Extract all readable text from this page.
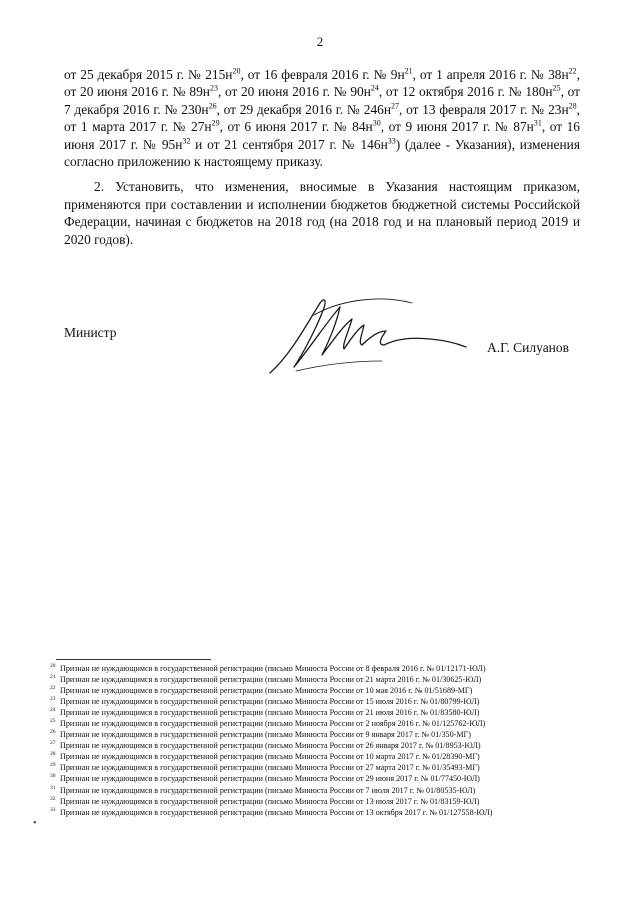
2

от 25 декабря 2015 г. № $215н^{20}$, от 16 февраля 2016 г. № $9н^{21}$, от 1 апреля 2016 г. № $38н^{22}$, от 20 июня 2016 г. № $89н^{23}$, от 20 июня 2016 г. № $90н^{24}$, от 12 октября 2016 г. № $180н^{25}$, от 7 декабря 2016 г. № $230н^{26}$, от 29 декабря 2016 г. № $246н^{27}$, от 13 февраля 2017 г. № $23н^{28}$, от 1 марта 2017 г. № $27н^{29}$, от 6 июня 2017 г. № $84н^{30}$, от 9 июня 2017 г. № $87н^{31}$, от 16 июня 2017 г. № $95н^{32}$ и от 21 сентября 2017 г. № $146н^{33}$) (далее - Указания), изменения согласно приложению к настоящему приказу.

2. Установить, что изменения, вносимые в Указания настоящим приказом, применяются при составлении и исполнении бюджетов бюджетной системы Российской Федерации, начиная с бюджетов на 2018 год (на 2018 год и на плановый период 2019 и 2020 годов).

Министр
А.Г. Силуанов
20 Признан не нуждающимся в государственной регистрации (письмо Минюста России от 8 февраля 2016 г. № 01/12171-ЮЛ)
21 Признан не нуждающимся в государственной регистрации (письмо Минюста России от 21 марта 2016 г. № 01/30625-ЮЛ)
22 Признан не нуждающимся в государственной регистрации (письмо Минюста России от 10 мая 2016 г. № 01/51689-МГ)
23 Признан не нуждающимся в государственной регистрации (письмо Минюста России от 15 июля 2016 г. № 01/80799-ЮЛ)
24 Признан не нуждающимся в государственной регистрации (письмо Минюста России от 21 июля 2016 г. № 01/83580-ЮЛ)
25 Признан не нуждающимся в государственной регистрации (письмо Минюста России от 2 ноября 2016 г. № 01/125762-ЮЛ)
26 Признан не нуждающимся в государственной регистрации (письмо Минюста России от 9 января 2017 г. № 01/350-МГ)
27 Признан не нуждающимся в государственной регистрации (письмо Минюста России от 26 января 2017 г. № 01/8953-ЮЛ)
28 Признан не нуждающимся в государственной регистрации (письмо Минюста России от 10 марта 2017 г. № 01/28390-МГ)
29 Признан не нуждающимся в государственной регистрации (письмо Минюста России от 27 марта 2017 г. № 01/35493-МГ)
30 Признан не нуждающимся в государственной регистрации (письмо Минюста России от 29 июня 2017 г. № 01/77450-ЮЛ)
31 Признан не нуждающимся в государственной регистрации (письмо Минюста России от 7 июля 2017 г. № 01/80535-ЮЛ)
32 Признан не нуждающимся в государственной регистрации (письмо Минюста России от 13 июля 2017 г. № 01/83159-ЮЛ)
33 Признан не нуждающимся в государственной регистрации (письмо Минюста России от 13 октября 2017 г. № 01/127558-ЮЛ)
•
